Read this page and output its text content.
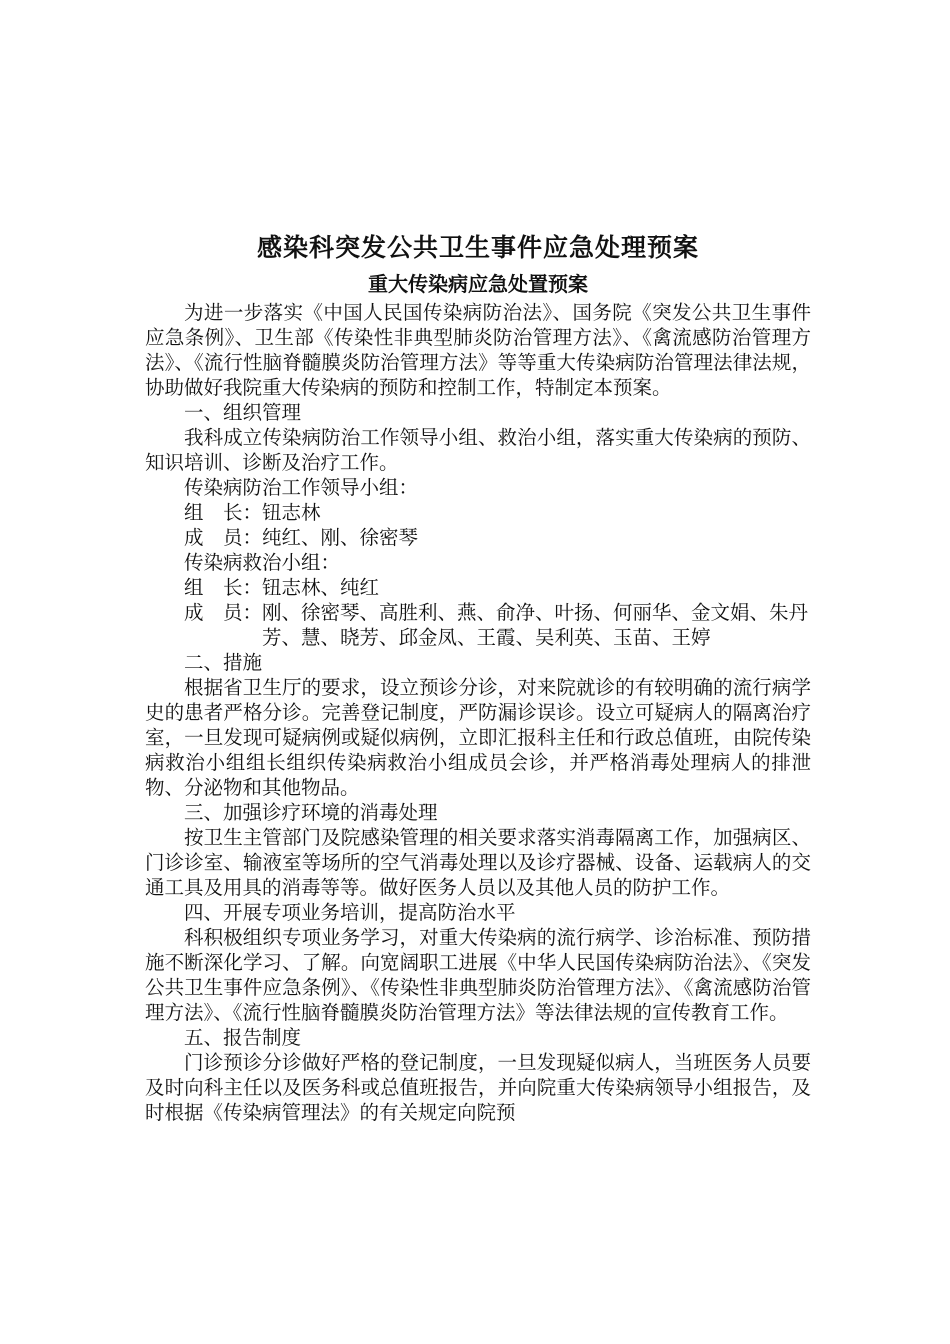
感染科突发公共卫生事件应急处理预案
重大传染病应急处置预案

为进一步落实《中国人民国传染病防治法》、国务院《突发公共卫生事件应急条例》、卫生部《传染性非典型肺炎防治管理方法》、《禽流感防治管理方法》、《流行性脑脊髓膜炎防治管理方法》等等重大传染病防治管理法律法规，协助做好我院重大传染病的预防和控制工作，特制定本预案。

一、组织管理

我科成立传染病防治工作领导小组、救治小组，落实重大传染病的预防、知识培训、诊断及治疗工作。

传染病防治工作领导小组：

组　长： 钮志林
成　员： 纯红、刚、徐密琴

传染病救治小组：

组　长： 钮志林、纯红
成　员： 刚、徐密琴、高胜利、燕、俞净、叶扬、何丽华、金文娟、朱丹芳、慧、晓芳、邱金凤、王霞、吴利英、玉苗、王婷

二、措施

根据省卫生厅的要求，设立预诊分诊，对来院就诊的有较明确的流行病学史的患者严格分诊。完善登记制度，严防漏诊误诊。设立可疑病人的隔离治疗室，一旦发现可疑病例或疑似病例，立即汇报科主任和行政总值班，由院传染病救治小组组长组织传染病救治小组成员会诊，并严格消毒处理病人的排泄物、分泌物和其他物品。

三、加强诊疗环境的消毒处理

按卫生主管部门及院感染管理的相关要求落实消毒隔离工作，加强病区、门诊诊室、输液室等场所的空气消毒处理以及诊疗器械、设备、运载病人的交通工具及用具的消毒等等。做好医务人员以及其他人员的防护工作。

四、开展专项业务培训，提高防治水平

科积极组织专项业务学习，对重大传染病的流行病学、诊治标准、预防措施不断深化学习、了解。向宽阔职工进展《中华人民国传染病防治法》、《突发公共卫生事件应急条例》、《传染性非典型肺炎防治管理方法》、《禽流感防治管理方法》、《流行性脑脊髓膜炎防治管理方法》等法律法规的宣传教育工作。

五、报告制度

门诊预诊分诊做好严格的登记制度，一旦发现疑似病人，当班医务人员要及时向科主任以及医务科或总值班报告，并向院重大传染病领导小组报告，及时根据《传染病管理法》的有关规定向院预
